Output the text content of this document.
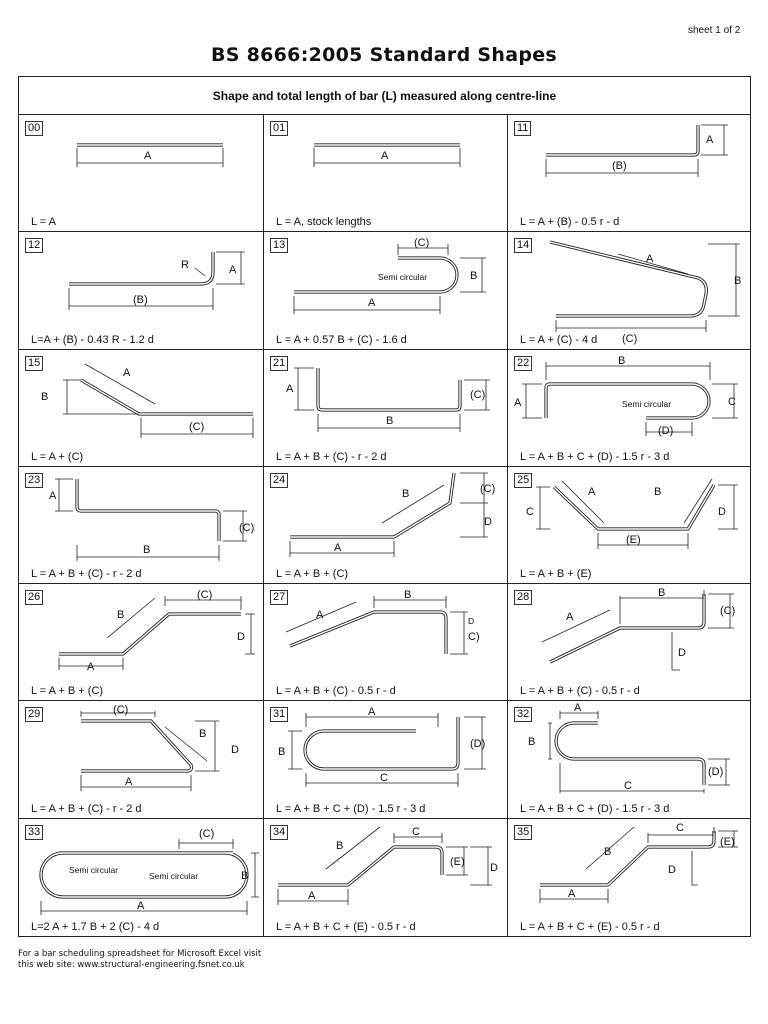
sheet 1 of 2
BS 8666:2005 Standard Shapes
Shape and total length of bar (L) measured along centre-line
00
A
L = A
01
A
L = A, stock lengths
11
A
(B)
L = A + (B) - 0.5 r - d
12
R	A
(B)
L=A + (B) - 0.43 R - 1.2 d
13	(C)
B
A
Semi circular
L = A + 0.57 B + (C) - 1.6 d
14
A
B
(C)
L = A + (C) - 4 d
15
A
B
(C)
L = A + (C)
21
A
B
(C)
L = A + B + (C) - r - 2 d
22	B
A	C
(D)
Semi circular
L = A + B + C + (D) - 1.5 r - 3 d
23
A
B
(C)
L = A + B + (C) - r - 2 d
24
B	(C)
D
A
L = A + B + (C)
25
A	B
C	D
(E)
L = A + B + (E)
26	(C)
B
D
A
L = A + B + (C)
27	B
A
C)
D
L = A + B + (C) - 0.5 r - d
28	B
A	(C)
D
L = A + B + (C) - 0.5 r - d
29	(C)
B
D
A
L = A + B + (C) - r - 2 d
31	A
B
(D)
C
L = A + B + C + (D) - 1.5 r - 3 d
32	A
B
(D)
C
L = A + B + C + (D) - 1.5 r - 3 d
33	(C)
B
A
Semi circular
Semi circular
L=2 A + 1.7 B + 2 (C) - 4 d
34	C
B
(E) D
A
L = A + B + C + (E) - 0.5 r - d
35	C
B
(E)
D
A
L = A + B + C + (E) - 0.5 r - d
For a bar scheduling spreadsheet for Microsoft Excel visit
this web site: www.structural-engineering.fsnet.co.uk
